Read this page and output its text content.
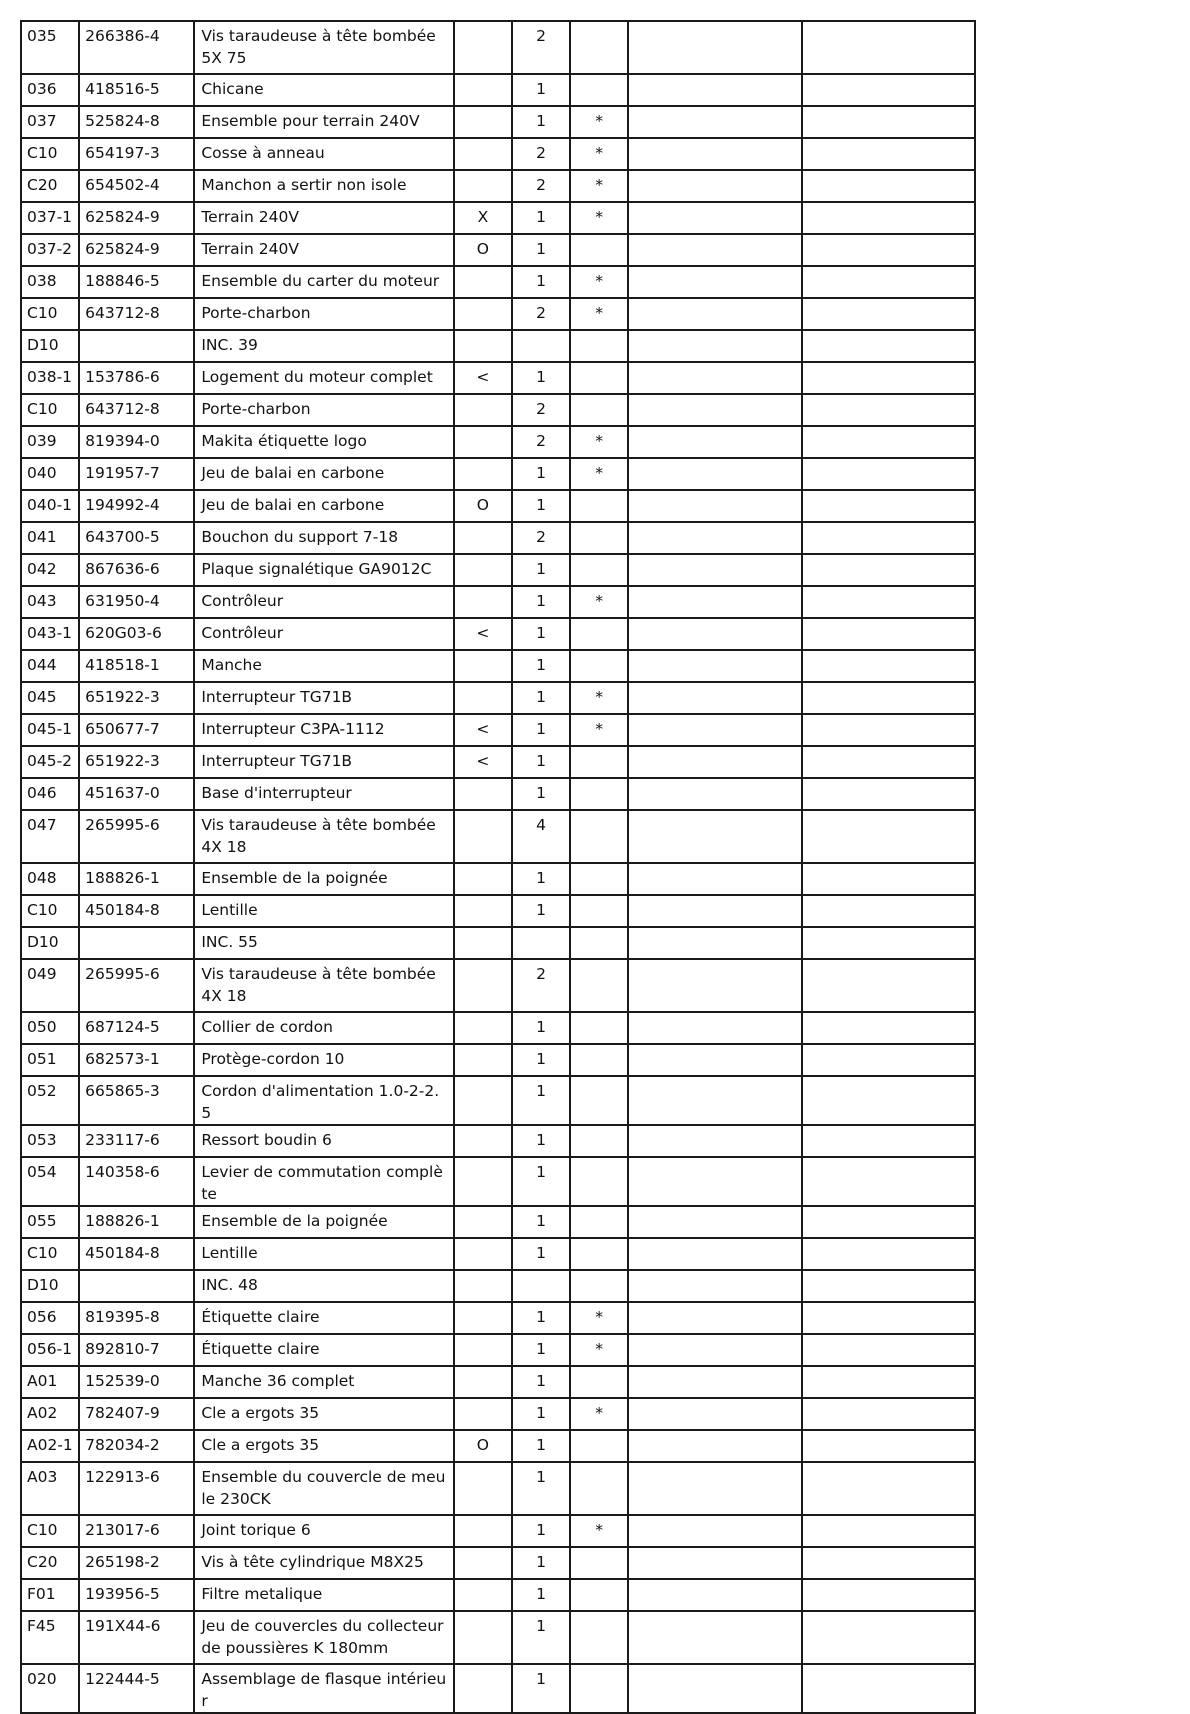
035	266386-4	Vis taraudeuse à tête bombée 5X 75		2			
036	418516-5	Chicane		1			
037	525824-8	Ensemble pour terrain 240V		1	*		
C10	654197-3	Cosse à anneau		2	*		
C20	654502-4	Manchon a sertir non isole		2	*		
037-1	625824-9	Terrain 240V	X	1	*		
037-2	625824-9	Terrain 240V	O	1			
038	188846-5	Ensemble du carter du moteur		1	*		
C10	643712-8	Porte-charbon		2	*		
D10		INC. 39					
038-1	153786-6	Logement du moteur complet	<	1			
C10	643712-8	Porte-charbon		2			
039	819394-0	Makita étiquette logo		2	*		
040	191957-7	Jeu de balai en carbone		1	*		
040-1	194992-4	Jeu de balai en carbone	O	1			
041	643700-5	Bouchon du support 7-18		2			
042	867636-6	Plaque signalétique GA9012C		1			
043	631950-4	Contrôleur		1	*		
043-1	620G03-6	Contrôleur	<	1			
044	418518-1	Manche		1			
045	651922-3	Interrupteur TG71B		1	*		
045-1	650677-7	Interrupteur C3PA-1112	<	1	*		
045-2	651922-3	Interrupteur TG71B	<	1			
046	451637-0	Base d'interrupteur		1			
047	265995-6	Vis taraudeuse à tête bombée 4X 18		4			
048	188826-1	Ensemble de la poignée		1			
C10	450184-8	Lentille		1			
D10		INC. 55					
049	265995-6	Vis taraudeuse à tête bombée 4X 18		2			
050	687124-5	Collier de cordon		1			
051	682573-1	Protège-cordon 10		1			
052	665865-3	Cordon d'alimentation 1.0-2-2.5		1			
053	233117-6	Ressort boudin 6		1			
054	140358-6	Levier de commutation complète		1			
055	188826-1	Ensemble de la poignée		1			
C10	450184-8	Lentille		1			
D10		INC. 48					
056	819395-8	Étiquette claire		1	*		
056-1	892810-7	Étiquette claire		1	*		
A01	152539-0	Manche 36 complet		1			
A02	782407-9	Cle a ergots 35		1	*		
A02-1	782034-2	Cle a ergots 35	O	1			
A03	122913-6	Ensemble du couvercle de meule 230CK		1			
C10	213017-6	Joint torique 6		1	*		
C20	265198-2	Vis à tête cylindrique M8X25		1			
F01	193956-5	Filtre metalique		1			
F45	191X44-6	Jeu de couvercles du collecteur de poussières K 180mm		1			
020	122444-5	Assemblage de flasque intérieur		1			
